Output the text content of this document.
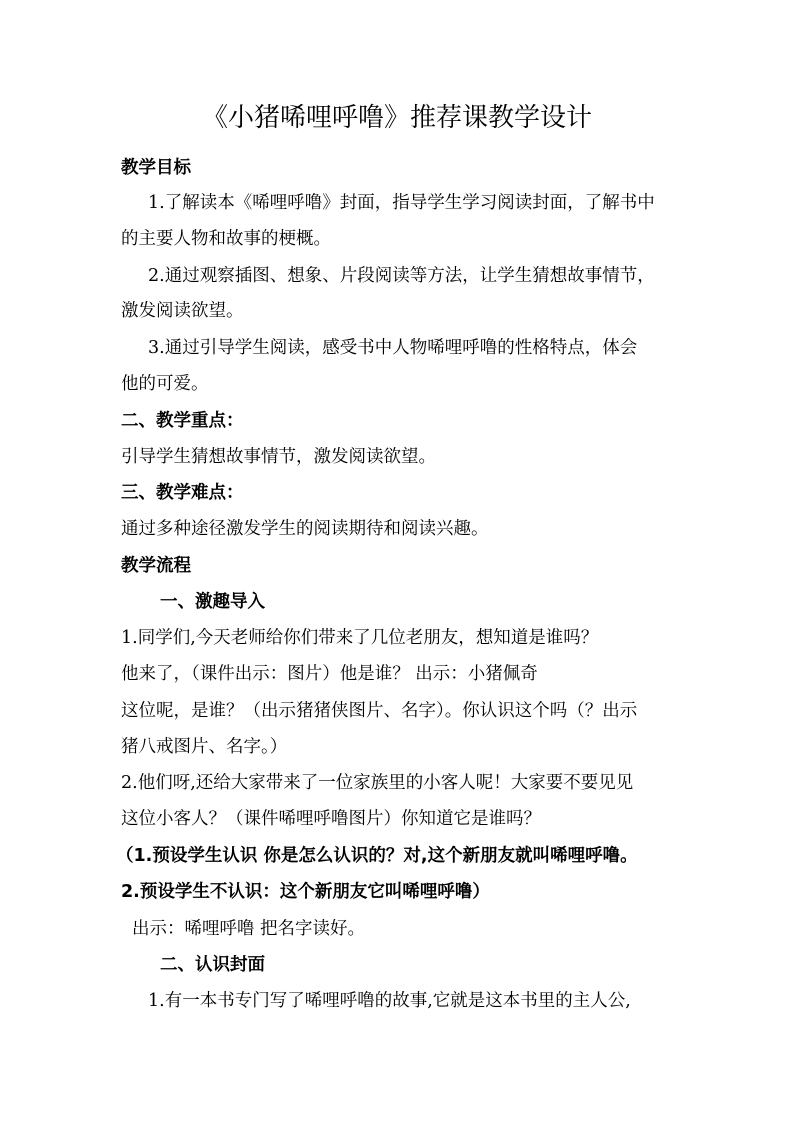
《小猪唏哩呼噜》推荐课教学设计
教学目标
1.了解读本《唏哩呼噜》封面，指导学生学习阅读封面，了解书中
的主要人物和故事的梗概。
2.通过观察插图、想象、片段阅读等方法，让学生猜想故事情节，
激发阅读欲望。
3.通过引导学生阅读，感受书中人物唏哩呼噜的性格特点，体会
他的可爱。
二、教学重点：
引导学生猜想故事情节，激发阅读欲望。
三、教学难点：
通过多种途径激发学生的阅读期待和阅读兴趣。
教学流程
一、激趣导入
1.同学们,今天老师给你们带来了几位老朋友，想知道是谁吗？
他来了，（课件出示：图片）他是谁？ 出示：小猪佩奇
这位呢，是谁？（出示猪猪侠图片、名字）。你认识这个吗（？出示
猪八戒图片、名字。）
2.他们呀,还给大家带来了一位家族里的小客人呢！大家要不要见见
这位小客人？（课件唏哩呼噜图片）你知道它是谁吗？
（1.预设学生认识 你是怎么认识的？对,这个新朋友就叫唏哩呼噜。
2.预设学生不认识：这个新朋友它叫唏哩呼噜）
出示：唏哩呼噜 把名字读好。
二、认识封面
1.有一本书专门写了唏哩呼噜的故事,它就是这本书里的主人公,
